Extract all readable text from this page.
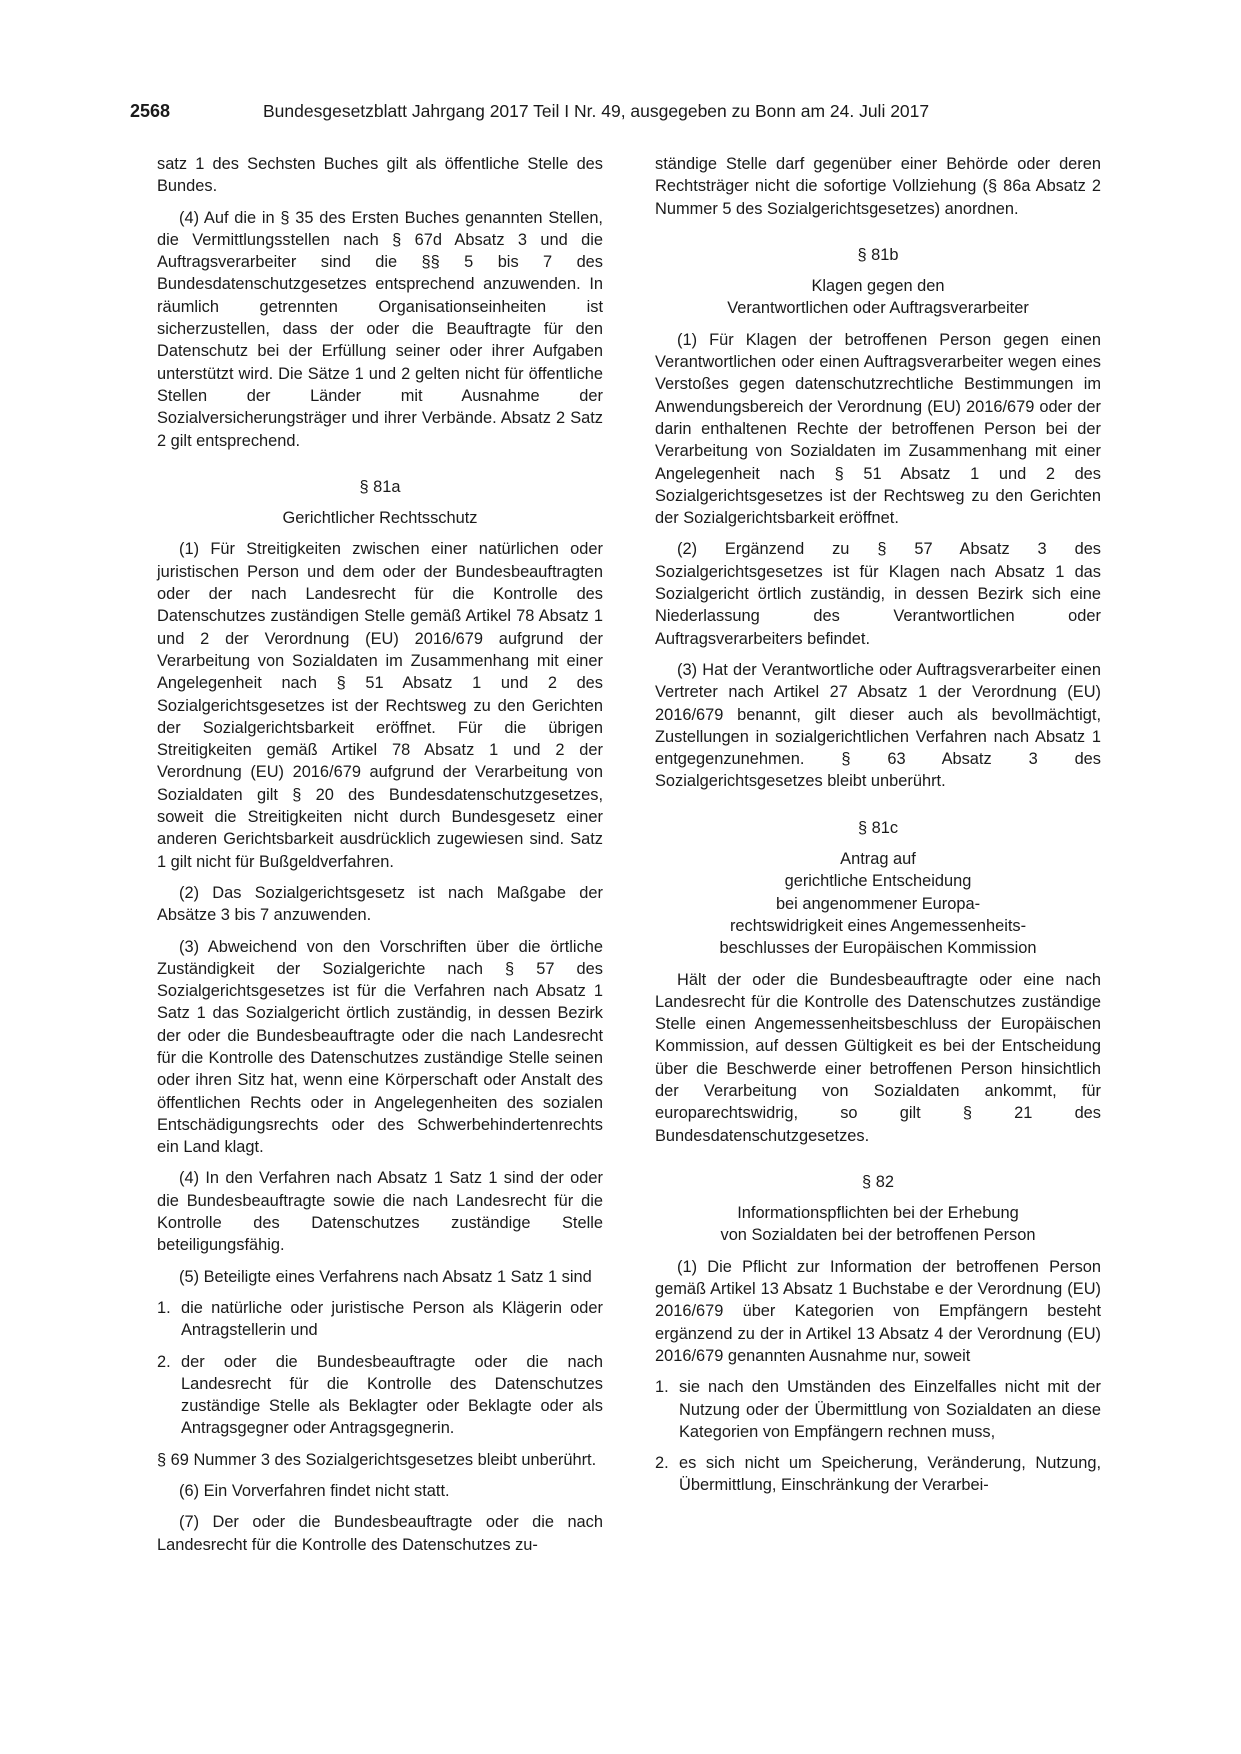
2568	Bundesgesetzblatt Jahrgang 2017 Teil I Nr. 49, ausgegeben zu Bonn am 24. Juli 2017

satz 1 des Sechsten Buches gilt als öffentliche Stelle des Bundes.

(4) Auf die in § 35 des Ersten Buches genannten Stellen, die Vermittlungsstellen nach § 67d Absatz 3 und die Auftragsverarbeiter sind die §§ 5 bis 7 des Bundesdatenschutzgesetzes entsprechend anzuwenden. In räumlich getrennten Organisationseinheiten ist sicherzustellen, dass der oder die Beauftragte für den Datenschutz bei der Erfüllung seiner oder ihrer Aufgaben unterstützt wird. Die Sätze 1 und 2 gelten nicht für öffentliche Stellen der Länder mit Ausnahme der Sozialversicherungsträger und ihrer Verbände. Absatz 2 Satz 2 gilt entsprechend.

§ 81a
Gerichtlicher Rechtsschutz

(1) Für Streitigkeiten zwischen einer natürlichen oder juristischen Person und dem oder der Bundesbeauftragten oder der nach Landesrecht für die Kontrolle des Datenschutzes zuständigen Stelle gemäß Artikel 78 Absatz 1 und 2 der Verordnung (EU) 2016/679 aufgrund der Verarbeitung von Sozialdaten im Zusammenhang mit einer Angelegenheit nach § 51 Absatz 1 und 2 des Sozialgerichtsgesetzes ist der Rechtsweg zu den Gerichten der Sozialgerichtsbarkeit eröffnet. Für die übrigen Streitigkeiten gemäß Artikel 78 Absatz 1 und 2 der Verordnung (EU) 2016/679 aufgrund der Verarbeitung von Sozialdaten gilt § 20 des Bundesdatenschutzgesetzes, soweit die Streitigkeiten nicht durch Bundesgesetz einer anderen Gerichtsbarkeit ausdrücklich zugewiesen sind. Satz 1 gilt nicht für Bußgeldverfahren.

(2) Das Sozialgerichtsgesetz ist nach Maßgabe der Absätze 3 bis 7 anzuwenden.

(3) Abweichend von den Vorschriften über die örtliche Zuständigkeit der Sozialgerichte nach § 57 des Sozialgerichtsgesetzes ist für die Verfahren nach Absatz 1 Satz 1 das Sozialgericht örtlich zuständig, in dessen Bezirk der oder die Bundesbeauftragte oder die nach Landesrecht für die Kontrolle des Datenschutzes zuständige Stelle seinen oder ihren Sitz hat, wenn eine Körperschaft oder Anstalt des öffentlichen Rechts oder in Angelegenheiten des sozialen Entschädigungsrechts oder des Schwerbehindertenrechts ein Land klagt.

(4) In den Verfahren nach Absatz 1 Satz 1 sind der oder die Bundesbeauftragte sowie die nach Landesrecht für die Kontrolle des Datenschutzes zuständige Stelle beteiligungsfähig.

(5) Beteiligte eines Verfahrens nach Absatz 1 Satz 1 sind

1. die natürliche oder juristische Person als Klägerin oder Antragstellerin und
2. der oder die Bundesbeauftragte oder die nach Landesrecht für die Kontrolle des Datenschutzes zuständige Stelle als Beklagter oder Beklagte oder als Antragsgegner oder Antragsgegnerin.

§ 69 Nummer 3 des Sozialgerichtsgesetzes bleibt unberührt.

(6) Ein Vorverfahren findet nicht statt.

(7) Der oder die Bundesbeauftragte oder die nach Landesrecht für die Kontrolle des Datenschutzes zu-

ständige Stelle darf gegenüber einer Behörde oder deren Rechtsträger nicht die sofortige Vollziehung (§ 86a Absatz 2 Nummer 5 des Sozialgerichtsgesetzes) anordnen.

§ 81b
Klagen gegen den
Verantwortlichen oder Auftragsverarbeiter

(1) Für Klagen der betroffenen Person gegen einen Verantwortlichen oder einen Auftragsverarbeiter wegen eines Verstoßes gegen datenschutzrechtliche Bestimmungen im Anwendungsbereich der Verordnung (EU) 2016/679 oder der darin enthaltenen Rechte der betroffenen Person bei der Verarbeitung von Sozialdaten im Zusammenhang mit einer Angelegenheit nach § 51 Absatz 1 und 2 des Sozialgerichtsgesetzes ist der Rechtsweg zu den Gerichten der Sozialgerichtsbarkeit eröffnet.

(2) Ergänzend zu § 57 Absatz 3 des Sozialgerichtsgesetzes ist für Klagen nach Absatz 1 das Sozialgericht örtlich zuständig, in dessen Bezirk sich eine Niederlassung des Verantwortlichen oder Auftragsverarbeiters befindet.

(3) Hat der Verantwortliche oder Auftragsverarbeiter einen Vertreter nach Artikel 27 Absatz 1 der Verordnung (EU) 2016/679 benannt, gilt dieser auch als bevollmächtigt, Zustellungen in sozialgerichtlichen Verfahren nach Absatz 1 entgegenzunehmen. § 63 Absatz 3 des Sozialgerichtsgesetzes bleibt unberührt.

§ 81c
Antrag auf
gerichtliche Entscheidung
bei angenommener Europa-
rechtswidrigkeit eines Angemessenheits-
beschlusses der Europäischen Kommission

Hält der oder die Bundesbeauftragte oder eine nach Landesrecht für die Kontrolle des Datenschutzes zuständige Stelle einen Angemessenheitsbeschluss der Europäischen Kommission, auf dessen Gültigkeit es bei der Entscheidung über die Beschwerde einer betroffenen Person hinsichtlich der Verarbeitung von Sozialdaten ankommt, für europarechtswidrig, so gilt § 21 des Bundesdatenschutzgesetzes.

§ 82
Informationspflichten bei der Erhebung
von Sozialdaten bei der betroffenen Person

(1) Die Pflicht zur Information der betroffenen Person gemäß Artikel 13 Absatz 1 Buchstabe e der Verordnung (EU) 2016/679 über Kategorien von Empfängern besteht ergänzend zu der in Artikel 13 Absatz 4 der Verordnung (EU) 2016/679 genannten Ausnahme nur, soweit

1. sie nach den Umständen des Einzelfalles nicht mit der Nutzung oder der Übermittlung von Sozialdaten an diese Kategorien von Empfängern rechnen muss,
2. es sich nicht um Speicherung, Veränderung, Nutzung, Übermittlung, Einschränkung der Verarbei-
